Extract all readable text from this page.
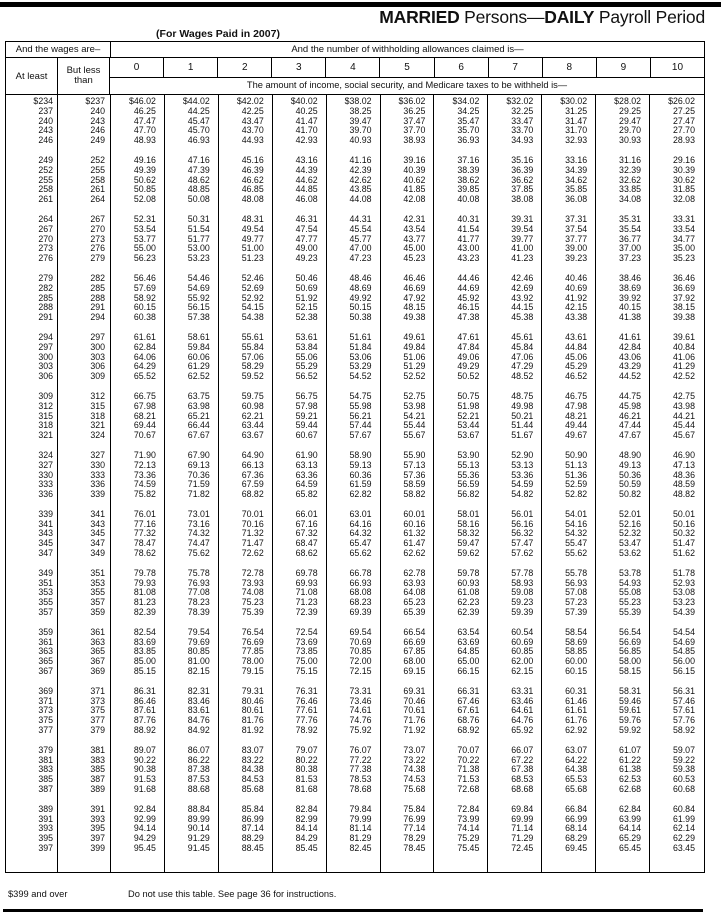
MARRIED Persons—DAILY Payroll Period
(For Wages Paid in 2007)
And the wages are–	And the number of withholding allowances claimed is—
At least	But less than
0	1	2	3	4	5	6	7	8	9	10
The amount of income, social security, and Medicare taxes to be withheld is—
$234	$237	$46.02	$44.02	$42.02	$40.02	$38.02	$36.02	$34.02	$32.02	$30.02	$28.02	$26.02
237	240	46.25	44.25	42.25	40.25	38.25	36.25	34.25	32.25	31.25	29.25	27.25
240	243	47.47	45.47	43.47	41.47	39.47	37.47	35.47	33.47	31.47	29.47	27.47
243	246	47.70	45.70	43.70	41.70	39.70	37.70	35.70	33.70	31.70	29.70	27.70
246	249	48.93	46.93	44.93	42.93	40.93	38.93	36.93	34.93	32.93	30.93	28.93
249	252	49.16	47.16	45.16	43.16	41.16	39.16	37.16	35.16	33.16	31.16	29.16
252	255	49.39	47.39	46.39	44.39	42.39	40.39	38.39	36.39	34.39	32.39	30.39
255	258	50.62	48.62	46.62	44.62	42.62	40.62	38.62	36.62	34.62	32.62	30.62
258	261	50.85	48.85	46.85	44.85	43.85	41.85	39.85	37.85	35.85	33.85	31.85
261	264	52.08	50.08	48.08	46.08	44.08	42.08	40.08	38.08	36.08	34.08	32.08
264	267	52.31	50.31	48.31	46.31	44.31	42.31	40.31	39.31	37.31	35.31	33.31
267	270	53.54	51.54	49.54	47.54	45.54	43.54	41.54	39.54	37.54	35.54	33.54
270	273	53.77	51.77	49.77	47.77	45.77	43.77	41.77	39.77	37.77	36.77	34.77
273	276	55.00	53.00	51.00	49.00	47.00	45.00	43.00	41.00	39.00	37.00	35.00
276	279	56.23	53.23	51.23	49.23	47.23	45.23	43.23	41.23	39.23	37.23	35.23
279	282	56.46	54.46	52.46	50.46	48.46	46.46	44.46	42.46	40.46	38.46	36.46
282	285	57.69	54.69	52.69	50.69	48.69	46.69	44.69	42.69	40.69	38.69	36.69
285	288	58.92	55.92	52.92	51.92	49.92	47.92	45.92	43.92	41.92	39.92	37.92
288	291	60.15	56.15	54.15	52.15	50.15	48.15	46.15	44.15	42.15	40.15	38.15
291	294	60.38	57.38	54.38	52.38	50.38	49.38	47.38	45.38	43.38	41.38	39.38
294	297	61.61	58.61	55.61	53.61	51.61	49.61	47.61	45.61	43.61	41.61	39.61
297	300	62.84	59.84	55.84	53.84	51.84	49.84	47.84	45.84	44.84	42.84	40.84
300	303	64.06	60.06	57.06	55.06	53.06	51.06	49.06	47.06	45.06	43.06	41.06
303	306	64.29	61.29	58.29	55.29	53.29	51.29	49.29	47.29	45.29	43.29	41.29
306	309	65.52	62.52	59.52	56.52	54.52	52.52	50.52	48.52	46.52	44.52	42.52
309	312	66.75	63.75	59.75	56.75	54.75	52.75	50.75	48.75	46.75	44.75	42.75
312	315	67.98	63.98	60.98	57.98	55.98	53.98	51.98	49.98	47.98	45.98	43.98
315	318	68.21	65.21	62.21	59.21	56.21	54.21	52.21	50.21	48.21	46.21	44.21
318	321	69.44	66.44	63.44	59.44	57.44	55.44	53.44	51.44	49.44	47.44	45.44
321	324	70.67	67.67	63.67	60.67	57.67	55.67	53.67	51.67	49.67	47.67	45.67
324	327	71.90	67.90	64.90	61.90	58.90	55.90	53.90	52.90	50.90	48.90	46.90
327	330	72.13	69.13	66.13	63.13	59.13	57.13	55.13	53.13	51.13	49.13	47.13
330	333	73.36	70.36	67.36	63.36	60.36	57.36	55.36	53.36	51.36	50.36	48.36
333	336	74.59	71.59	67.59	64.59	61.59	58.59	56.59	54.59	52.59	50.59	48.59
336	339	75.82	71.82	68.82	65.82	62.82	58.82	56.82	54.82	52.82	50.82	48.82
339	341	76.01	73.01	70.01	66.01	63.01	60.01	58.01	56.01	54.01	52.01	50.01
341	343	77.16	73.16	70.16	67.16	64.16	60.16	58.16	56.16	54.16	52.16	50.16
343	345	77.32	74.32	71.32	67.32	64.32	61.32	58.32	56.32	54.32	52.32	50.32
345	347	78.47	74.47	71.47	68.47	65.47	61.47	59.47	57.47	55.47	53.47	51.47
347	349	78.62	75.62	72.62	68.62	65.62	62.62	59.62	57.62	55.62	53.62	51.62
349	351	79.78	75.78	72.78	69.78	66.78	62.78	59.78	57.78	55.78	53.78	51.78
351	353	79.93	76.93	73.93	69.93	66.93	63.93	60.93	58.93	56.93	54.93	52.93
353	355	81.08	77.08	74.08	71.08	68.08	64.08	61.08	59.08	57.08	55.08	53.08
355	357	81.23	78.23	75.23	71.23	68.23	65.23	62.23	59.23	57.23	55.23	53.23
357	359	82.39	78.39	75.39	72.39	69.39	65.39	62.39	59.39	57.39	55.39	54.39
359	361	82.54	79.54	76.54	72.54	69.54	66.54	63.54	60.54	58.54	56.54	54.54
361	363	83.69	79.69	76.69	73.69	70.69	66.69	63.69	60.69	58.69	56.69	54.69
363	365	83.85	80.85	77.85	73.85	70.85	67.85	64.85	60.85	58.85	56.85	54.85
365	367	85.00	81.00	78.00	75.00	72.00	68.00	65.00	62.00	60.00	58.00	56.00
367	369	85.15	82.15	79.15	75.15	72.15	69.15	66.15	62.15	60.15	58.15	56.15
369	371	86.31	82.31	79.31	76.31	73.31	69.31	66.31	63.31	60.31	58.31	56.31
371	373	86.46	83.46	80.46	76.46	73.46	70.46	67.46	63.46	61.46	59.46	57.46
373	375	87.61	83.61	80.61	77.61	74.61	70.61	67.61	64.61	61.61	59.61	57.61
375	377	87.76	84.76	81.76	77.76	74.76	71.76	68.76	64.76	61.76	59.76	57.76
377	379	88.92	84.92	81.92	78.92	75.92	71.92	68.92	65.92	62.92	59.92	58.92
379	381	89.07	86.07	83.07	79.07	76.07	73.07	70.07	66.07	63.07	61.07	59.07
381	383	90.22	86.22	83.22	80.22	77.22	73.22	70.22	67.22	64.22	61.22	59.22
383	385	90.38	87.38	84.38	80.38	77.38	74.38	71.38	67.38	64.38	61.38	59.38
385	387	91.53	87.53	84.53	81.53	78.53	74.53	71.53	68.53	65.53	62.53	60.53
387	389	91.68	88.68	85.68	81.68	78.68	75.68	72.68	68.68	65.68	62.68	60.68
389	391	92.84	88.84	85.84	82.84	79.84	75.84	72.84	69.84	66.84	62.84	60.84
391	393	92.99	89.99	86.99	82.99	79.99	76.99	73.99	69.99	66.99	63.99	61.99
393	395	94.14	90.14	87.14	84.14	81.14	77.14	74.14	71.14	68.14	64.14	62.14
395	397	94.29	91.29	88.29	84.29	81.29	78.29	75.29	71.29	68.29	65.29	62.29
397	399	95.45	91.45	88.45	85.45	82.45	78.45	75.45	72.45	69.45	65.45	63.45
$399 and over	Do not use this table. See page 36 for instructions.
